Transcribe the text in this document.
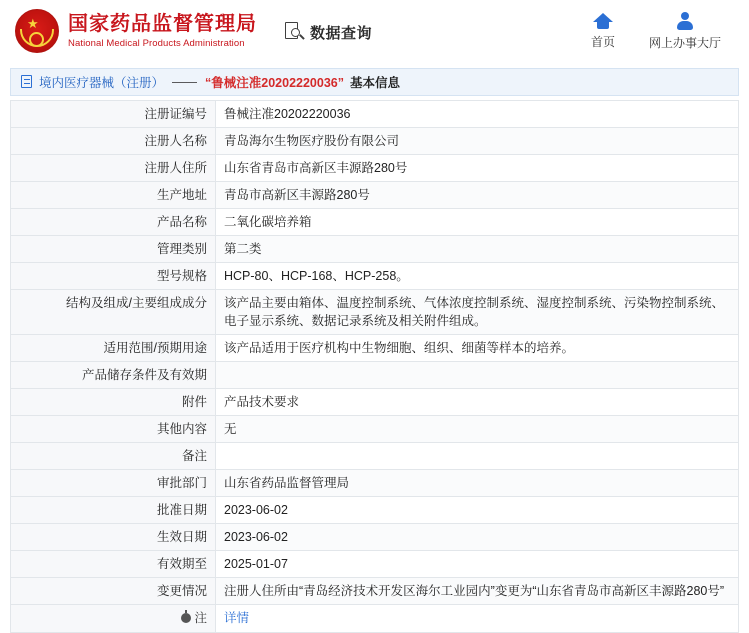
★ 国家药品监督管理局
National Medical Products Administration
数据查询	首页	网上办事大厅
境内医疗器械（注册） —— “鲁械注准20202220036” 基本信息
注册证编号	鲁械注准20202220036
注册人名称	青岛海尔生物医疗股份有限公司
注册人住所	山东省青岛市高新区丰源路280号
生产地址	青岛市高新区丰源路280号
产品名称	二氧化碳培养箱
管理类别	第二类
型号规格	HCP-80、HCP-168、HCP-258。
结构及组成/主要组成成分	该产品主要由箱体、温度控制系统、气体浓度控制系统、湿度控制系统、污染物控制系统、电子显示系统、数据记录系统及相关附件组成。
适用范围/预期用途	该产品适用于医疗机构中生物细胞、组织、细菌等样本的培养。
产品储存条件及有效期	
附件	产品技术要求
其他内容	无
备注	
审批部门	山东省药品监督管理局
批准日期	2023-06-02
生效日期	2023-06-02
有效期至	2025-01-07
变更情况	注册人住所由“青岛经济技术开发区海尔工业园内”变更为“山东省青岛市高新区丰源路280号”

注	详情
